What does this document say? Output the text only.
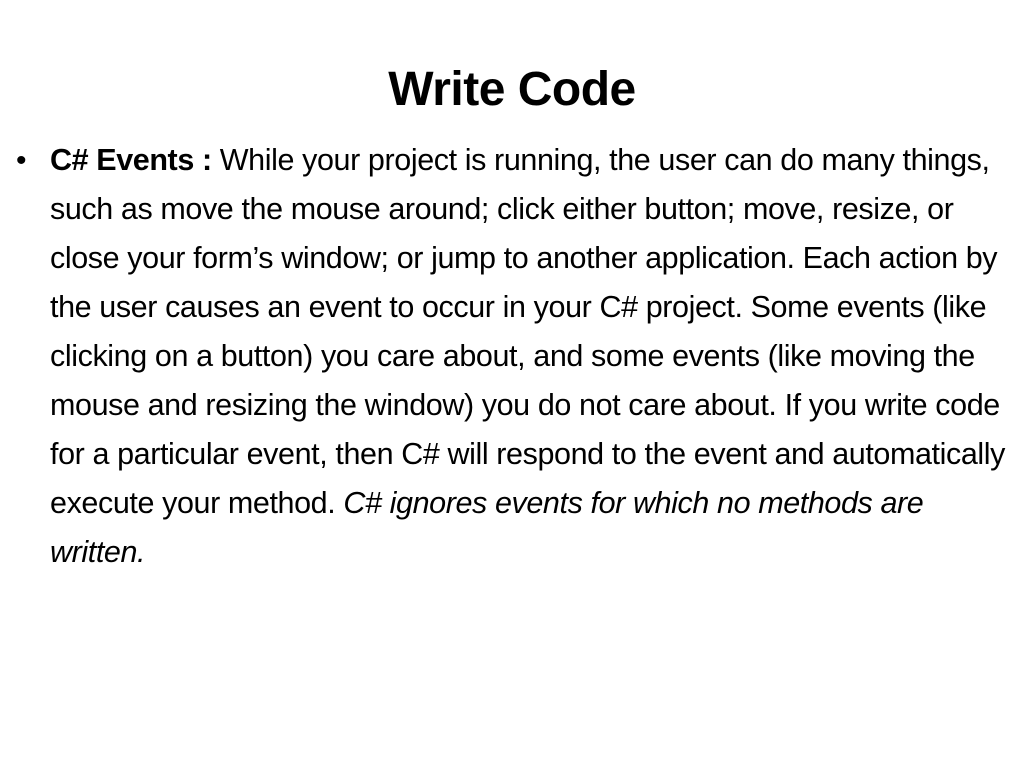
Write Code
• C# Events : While your project is running, the user can do many things, such as move the mouse around; click either button; move, resize, or close your form’s window; or jump to another application. Each action by the user causes an event to occur in your C# project. Some events (like clicking on a button) you care about, and some events (like moving the mouse and resizing the window) you do not care about. If you write code for a particular event, then C# will respond to the event and automatically execute your method. C# ignores events for which no methods are written.
